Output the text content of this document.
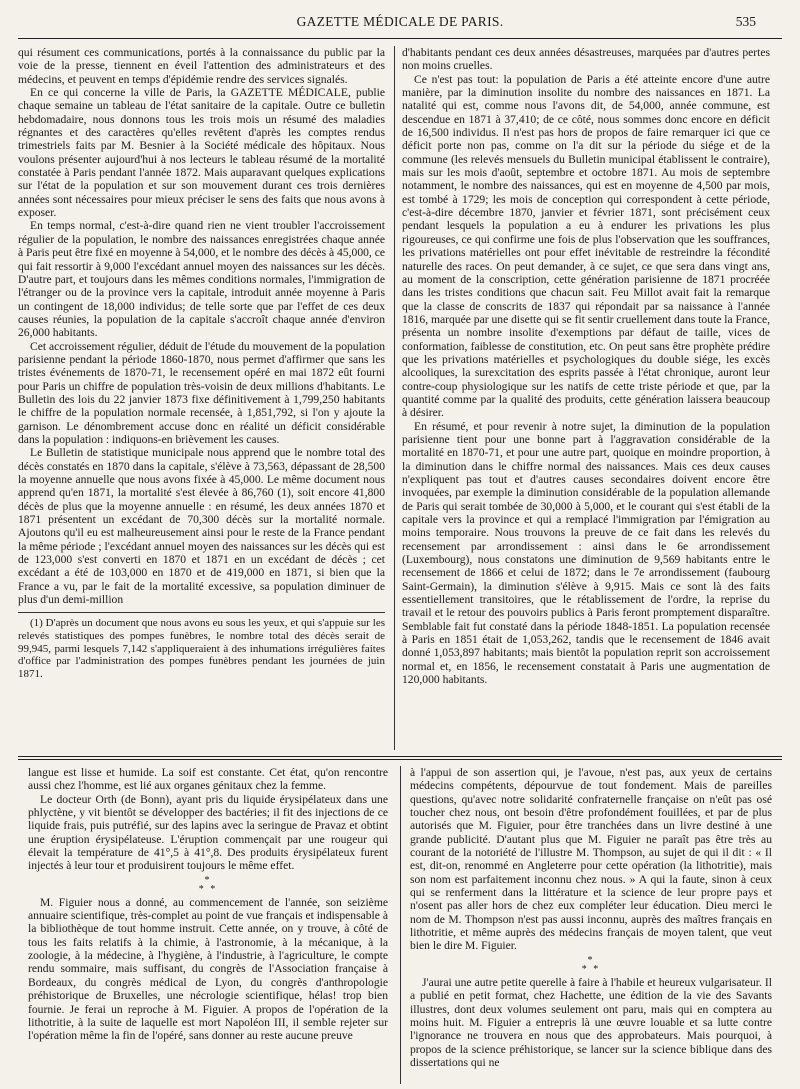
GAZETTE MÉDICALE DE PARIS.	535

qui résument ces communications, portés à la connaissance du public par la voie de la presse, tiennent en éveil l'attention des administrateurs et des médecins, et peuvent en temps d'épidémie rendre des services signalés.

En ce qui concerne la ville de Paris, la GAZETTE MÉDICALE, publie chaque semaine un tableau de l'état sanitaire de la capitale. Outre ce bulletin hebdomadaire, nous donnons tous les trois mois un résumé des maladies régnantes et des caractères qu'elles revêtent d'après les comptes rendus trimestriels faits par M. Besnier à la Société médicale des hôpitaux. Nous voulons présenter aujourd'hui à nos lecteurs le tableau résumé de la mortalité constatée à Paris pendant l'année 1872. Mais auparavant quelques explications sur l'état de la population et sur son mouvement durant ces trois dernières années sont nécessaires pour mieux préciser le sens des faits que nous avons à exposer.

En temps normal, c'est-à-dire quand rien ne vient troubler l'accroissement régulier de la population, le nombre des naissances enregistrées chaque année à Paris peut être fixé en moyenne à 54,000, et le nombre des décès à 45,000, ce qui fait ressortir à 9,000 l'excédant annuel moyen des naissances sur les décès. D'autre part, et toujours dans les mêmes conditions normales, l'immigration de l'étranger ou de la province vers la capitale, introduit année moyenne à Paris un contingent de 18,000 individus; de telle sorte que par l'effet de ces deux causes réunies, la population de la capitale s'accroît chaque année d'environ 26,000 habitants.

Cet accroissement régulier, déduit de l'étude du mouvement de la population parisienne pendant la période 1860-1870, nous permet d'affirmer que sans les tristes événements de 1870-71, le recensement opéré en mai 1872 eût fourni pour Paris un chiffre de population très-voisin de deux millions d'habitants. Le Bulletin des lois du 22 janvier 1873 fixe définitivement à 1,799,250 habitants le chiffre de la population normale recensée, à 1,851,792, si l'on y ajoute la garnison. Le dénombrement accuse donc en réalité un déficit considérable dans la population : indiquons-en brièvement les causes.

Le Bulletin de statistique municipale nous apprend que le nombre total des décès constatés en 1870 dans la capitale, s'élève à 73,563, dépassant de 28,500 la moyenne annuelle que nous avons fixée à 45,000. Le même document nous apprend qu'en 1871, la mortalité s'est élevée à 86,760 (1), soit encore 41,800 décès de plus que la moyenne annuelle : en résumé, les deux années 1870 et 1871 présentent un excédant de 70,300 décès sur la mortalité normale. Ajoutons qu'il eu est malheureusement ainsi pour le reste de la France pendant la même période ; l'excédant annuel moyen des naissances sur les décès qui est de 123,000 s'est converti en 1870 et 1871 en un excédant de décès ; cet excédant a été de 103,000 en 1870 et de 419,000 en 1871, si bien que la France a vu, par le fait de la mortalité excessive, sa population diminuer de plus d'un demi-million

(1) D'après un document que nous avons eu sous les yeux, et qui s'appuie sur les relevés statistiques des pompes funèbres, le nombre total des décès serait de 99,945, parmi lesquels 7,142 s'appliqueraient à des inhumations irrégulières faites d'office par l'administration des pompes funèbres pendant les journées de juin 1871.

d'habitants pendant ces deux années désastreuses, marquées par d'autres pertes non moins cruelles.

Ce n'est pas tout: la population de Paris a été atteinte encore d'une autre manière, par la diminution insolite du nombre des naissances en 1871. La natalité qui est, comme nous l'avons dit, de 54,000, année commune, est descendue en 1871 à 37,410; de ce côté, nous sommes donc encore en déficit de 16,500 individus. Il n'est pas hors de propos de faire remarquer ici que ce déficit porte non pas, comme on l'a dit sur la période du siége et de la commune (les relevés mensuels du Bulletin municipal établissent le contraire), mais sur les mois d'août, septembre et octobre 1871. Au mois de septembre notamment, le nombre des naissances, qui est en moyenne de 4,500 par mois, est tombé à 1729; les mois de conception qui correspondent à cette période, c'est-à-dire décembre 1870, janvier et février 1871, sont précisément ceux pendant lesquels la population a eu à endurer les privations les plus rigoureuses, ce qui confirme une fois de plus l'observation que les souffrances, les privations matérielles ont pour effet inévitable de restreindre la fécondité naturelle des races. On peut demander, à ce sujet, ce que sera dans vingt ans, au moment de la conscription, cette génération parisienne de 1871 procréée dans les tristes conditions que chacun sait. Feu Millot avait fait la remarque que la classe de conscrits de 1837 qui répondait par sa naissance à l'année 1816, marquée par une disette qui se fit sentir cruellement dans toute la France, présenta un nombre insolite d'exemptions par défaut de taille, vices de conformation, faiblesse de constitution, etc. On peut sans être prophète prédire que les privations matérielles et psychologiques du double siége, les excès alcooliques, la surexcitation des esprits passée à l'état chronique, auront leur contre-coup physiologique sur les natifs de cette triste période et que, par la quantité comme par la qualité des produits, cette génération laissera beaucoup à désirer.

En résumé, et pour revenir à notre sujet, la diminution de la population parisienne tient pour une bonne part à l'aggravation considérable de la mortalité en 1870-71, et pour une autre part, quoique en moindre proportion, à la diminution dans le chiffre normal des naissances. Mais ces deux causes n'expliquent pas tout et d'autres causes secondaires doivent encore être invoquées, par exemple la diminution considérable de la population allemande de Paris qui serait tombée de 30,000 à 5,000, et le courant qui s'est établi de la capitale vers la province et qui a remplacé l'immigration par l'émigration au moins temporaire. Nous trouvons la preuve de ce fait dans les relevés du recensement par arrondissement : ainsi dans le 6e arrondissement (Luxembourg), nous constatons une diminution de 9,569 habitants entre le recensement de 1866 et celui de 1872; dans le 7e arrondissement (faubourg Saint-Germain), la diminution s'élève à 9,915. Mais ce sont là des faits essentiellement transitoires, que le rétablissement de l'ordre, la reprise du travail et le retour des pouvoirs publics à Paris feront promptement disparaître. Semblable fait fut constaté dans la période 1848-1851. La population recensée à Paris en 1851 était de 1,053,262, tandis que le recensement de 1846 avait donné 1,053,897 habitants; mais bientôt la population reprit son accroissement normal et, en 1856, le recensement constatait à Paris une augmentation de 120,000 habitants.

langue est lisse et humide. La soif est constante. Cet état, qu'on rencontre aussi chez l'homme, est lié aux organes génitaux chez la femme.

Le docteur Orth (de Bonn), ayant pris du liquide érysipélateux dans une phlyctène, y vit bientôt se développer des bactéries; il fit des injections de ce liquide frais, puis putréfié, sur des lapins avec la seringue de Pravaz et obtint une éruption érysipélateuse. L'éruption commençait par une rougeur qui élevait la température de 41°,5 à 41°,8. Des produits érysipélateux furent injectés à leur tour et produisirent toujours le même effet.

*
* *

M. Figuier nous a donné, au commencement de l'année, son seizième annuaire scientifique, très-complet au point de vue français et indispensable à la bibliothèque de tout homme instruit. Cette année, on y trouve, à côté de tous les faits relatifs à la chimie, à l'astronomie, à la mécanique, à la zoologie, à la médecine, à l'hygiène, à l'industrie, à l'agriculture, le compte rendu sommaire, mais suffisant, du congrès de l'Association française à Bordeaux, du congrès médical de Lyon, du congrès d'anthropologie préhistorique de Bruxelles, une nécrologie scientifique, hélas! trop bien fournie. Je ferai un reproche à M. Figuier. A propos de l'opération de la lithotritie, à la suite de laquelle est mort Napoléon III, il semble rejeter sur l'opération même la fin de l'opéré, sans donner au reste aucune preuve

à l'appui de son assertion qui, je l'avoue, n'est pas, aux yeux de certains médecins compétents, dépourvue de tout fondement. Mais de pareilles questions, qu'avec notre solidarité confraternelle française on n'eût pas osé toucher chez nous, ont besoin d'être profondément fouillées, et par de plus autorisés que M. Figuier, pour être tranchées dans un livre destiné à une grande publicité. D'autant plus que M. Figuier ne paraît pas être très au courant de la notoriété de l'illustre M. Thompson, au sujet de qui il dit : « Il est, dit-on, renommé en Angleterre pour cette opération (la lithotritie), mais son nom est parfaitement inconnu chez nous. » A qui la faute, sinon à ceux qui se renferment dans la littérature et la science de leur propre pays et n'osent pas aller hors de chez eux compléter leur éducation. Dieu merci le nom de M. Thompson n'est pas aussi inconnu, auprès des maîtres français en lithotritie, et même auprès des médecins français de moyen talent, que veut bien le dire M. Figuier.

*
* *

J'aurai une autre petite querelle à faire à l'habile et heureux vulgarisateur. Il a publié en petit format, chez Hachette, une édition de la vie des Savants illustres, dont deux volumes seulement ont paru, mais qui en comptera au moins huit. M. Figuier a entrepris là une œuvre louable et sa lutte contre l'ignorance ne trouvera en nous que des approbateurs. Mais pourquoi, à propos de la science préhistorique, se lancer sur la science biblique dans des dissertations qui ne
